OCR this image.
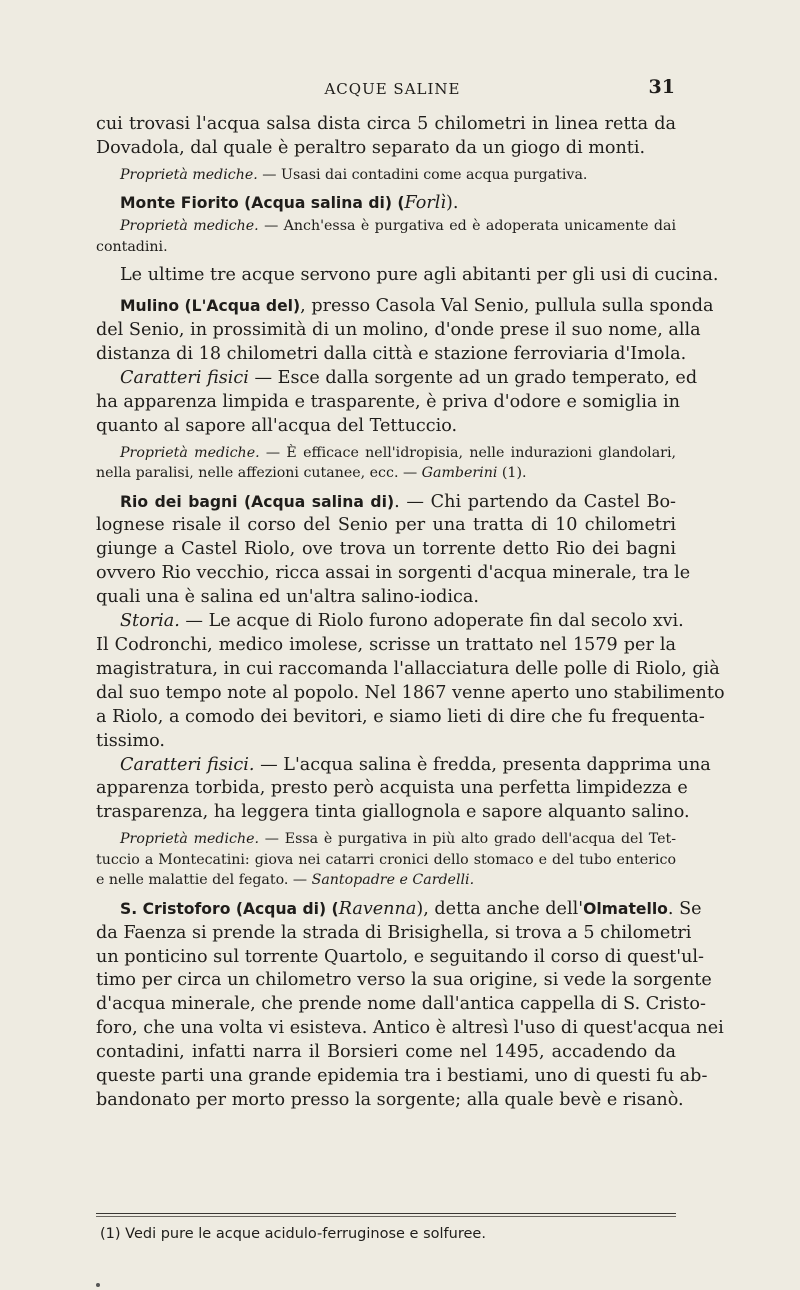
ACQUE SALINE	31
cui trovasi l'acqua salsa dista circa 5 chilometri in linea retta da
Dovadola, dal quale è peraltro separato da un giogo di monti.
Proprietà mediche. — Usasi dai contadini come acqua purgativa.
Monte Fiorito (Acqua salina di) (Forlì).
Proprietà mediche. — Anch'essa è purgativa ed è adoperata unicamente dai
contadini.
Le ultime tre acque servono pure agli abitanti per gli usi di cucina.
Mulino (L'Acqua del), presso Casola Val Senio, pullula sulla sponda
del Senio, in prossimità di un molino, d'onde prese il suo nome, alla
distanza di 18 chilometri dalla città e stazione ferroviaria d'Imola.
Caratteri fisici — Esce dalla sorgente ad un grado temperato, ed
ha apparenza limpida e trasparente, è priva d'odore e somiglia in
quanto al sapore all'acqua del Tettuccio.
Proprietà mediche. — È efficace nell'idropisia, nelle indurazioni glandolari,
nella paralisi, nelle affezioni cutanee, ecc. — Gamberini (1).
Rio dei bagni (Acqua salina di). — Chi partendo da Castel Bo-
lognese risale il corso del Senio per una tratta di 10 chilometri
giunge a Castel Riolo, ove trova un torrente detto Rio dei bagni
ovvero Rio vecchio, ricca assai in sorgenti d'acqua minerale, tra le
quali una è salina ed un'altra salino-iodica.
Storia. — Le acque di Riolo furono adoperate fin dal secolo xvi.
Il Codronchi, medico imolese, scrisse un trattato nel 1579 per la
magistratura, in cui raccomanda l'allacciatura delle polle di Riolo, già
dal suo tempo note al popolo. Nel 1867 venne aperto uno stabilimento
a Riolo, a comodo dei bevitori, e siamo lieti di dire che fu frequenta-
tissimo.
Caratteri fisici. — L'acqua salina è fredda, presenta dapprima una
apparenza torbida, presto però acquista una perfetta limpidezza e
trasparenza, ha leggera tinta giallognola e sapore alquanto salino.
Proprietà mediche. — Essa è purgativa in più alto grado dell'acqua del Tet-
tuccio a Montecatini: giova nei catarri cronici dello stomaco e del tubo enterico
e nelle malattie del fegato. — Santopadre e Cardelli.
S. Cristoforo (Acqua di) (Ravenna), detta anche dell'Olmatello. Se
da Faenza si prende la strada di Brisighella, si trova a 5 chilometri
un ponticino sul torrente Quartolo, e seguitando il corso di quest'ul-
timo per circa un chilometro verso la sua origine, si vede la sorgente
d'acqua minerale, che prende nome dall'antica cappella di S. Cristo-
foro, che una volta vi esisteva. Antico è altresì l'uso di quest'acqua nei
contadini, infatti narra il Borsieri come nel 1495, accadendo da
queste parti una grande epidemia tra i bestiami, uno di questi fu ab-
bandonato per morto presso la sorgente; alla quale bevè e risanò.
(1) Vedi pure le acque acidulo-ferruginose e solfuree.
